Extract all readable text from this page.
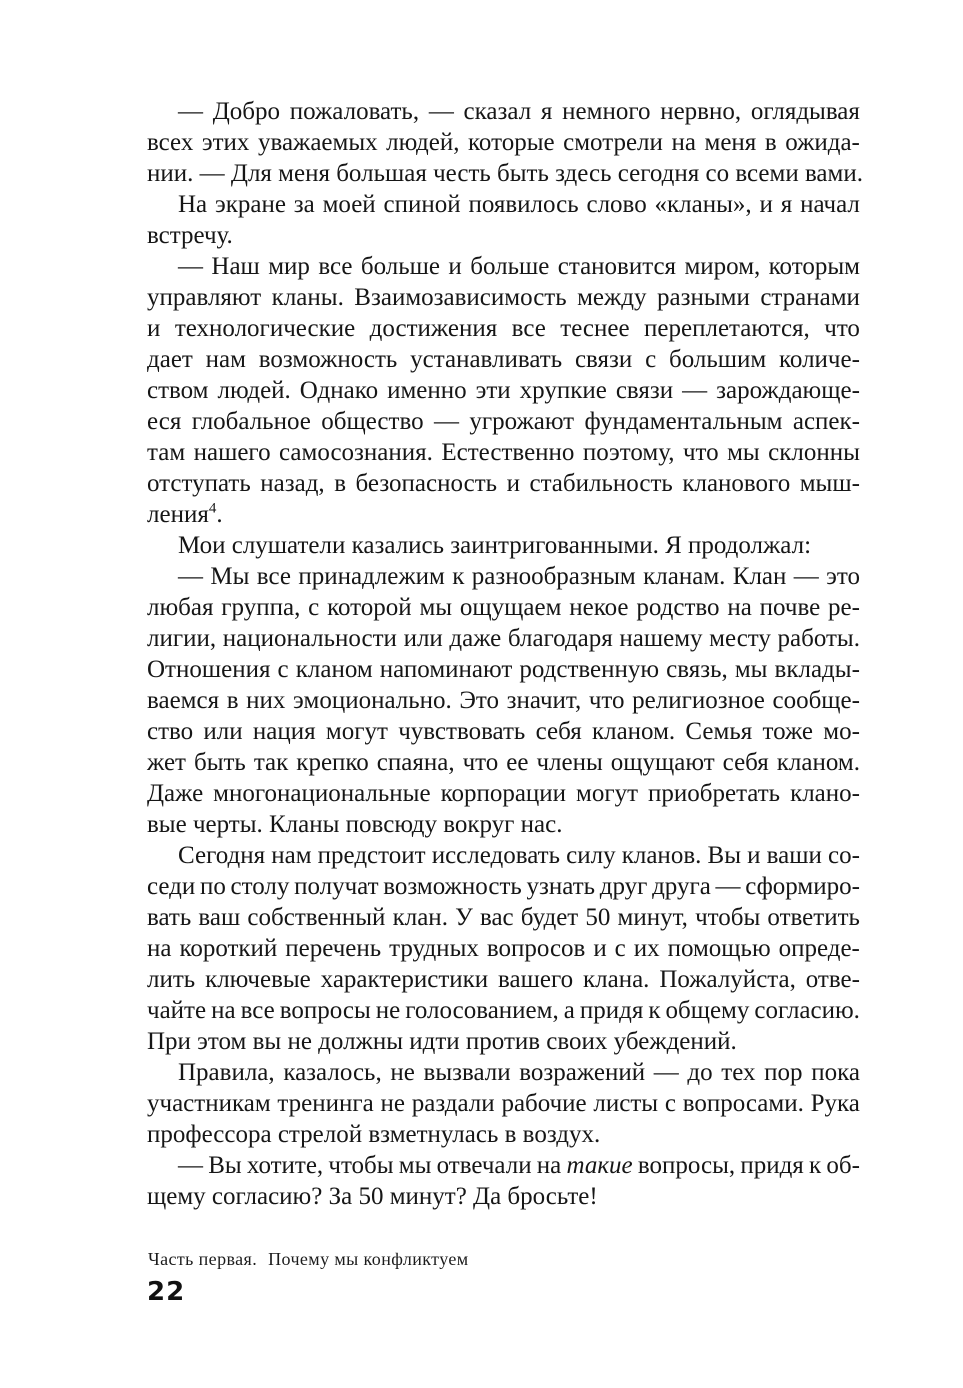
— Добро пожаловать, — сказал я немного нервно, оглядывая
всех этих уважаемых людей, которые смотрели на меня в ожида-
нии. — Для меня большая честь быть здесь сегодня со всеми вами.
На экране за моей спиной появилось слово «кланы», и я начал
встречу.
— Наш мир все больше и больше становится миром, которым
управляют кланы. Взаимозависимость между разными странами
и технологические достижения все теснее переплетаются, что
дает нам возможность устанавливать связи с большим количе-
ством людей. Однако именно эти хрупкие связи — зарождающе-
еся глобальное общество — угрожают фундаментальным аспек-
там нашего самосознания. Естественно поэтому, что мы склонны
отступать назад, в безопасность и стабильность кланового мыш-
ления$^4$.
Мои слушатели казались заинтригованными. Я продолжал:
— Мы все принадлежим к разнообразным кланам. Клан — это
любая группа, с которой мы ощущаем некое родство на почве ре-
лигии, национальности или даже благодаря нашему месту работы.
Отношения с кланом напоминают родственную связь, мы вклады-
ваемся в них эмоционально. Это значит, что религиозное сообще-
ство или нация могут чувствовать себя кланом. Семья тоже мо-
жет быть так крепко спаяна, что ее члены ощущают себя кланом.
Даже многонациональные корпорации могут приобретать клано-
вые черты. Кланы повсюду вокруг нас.
Сегодня нам предстоит исследовать силу кланов. Вы и ваши со-
седи по столу получат возможность узнать друг друга — сформиро-
вать ваш собственный клан. У вас будет 50 минут, чтобы ответить
на короткий перечень трудных вопросов и с их помощью опреде-
лить ключевые характеристики вашего клана. Пожалуйста, отве-
чайте на все вопросы не голосованием, а придя к общему согласию.
При этом вы не должны идти против своих убеждений.
Правила, казалось, не вызвали возражений — до тех пор пока
участникам тренинга не раздали рабочие листы с вопросами. Рука
профессора стрелой взметнулась в воздух.
— Вы хотите, чтобы мы отвечали на такие вопросы, придя к об-
щему согласию? За 50 минут? Да бросьте!
Часть первая. Почему мы конфликтуем
22
